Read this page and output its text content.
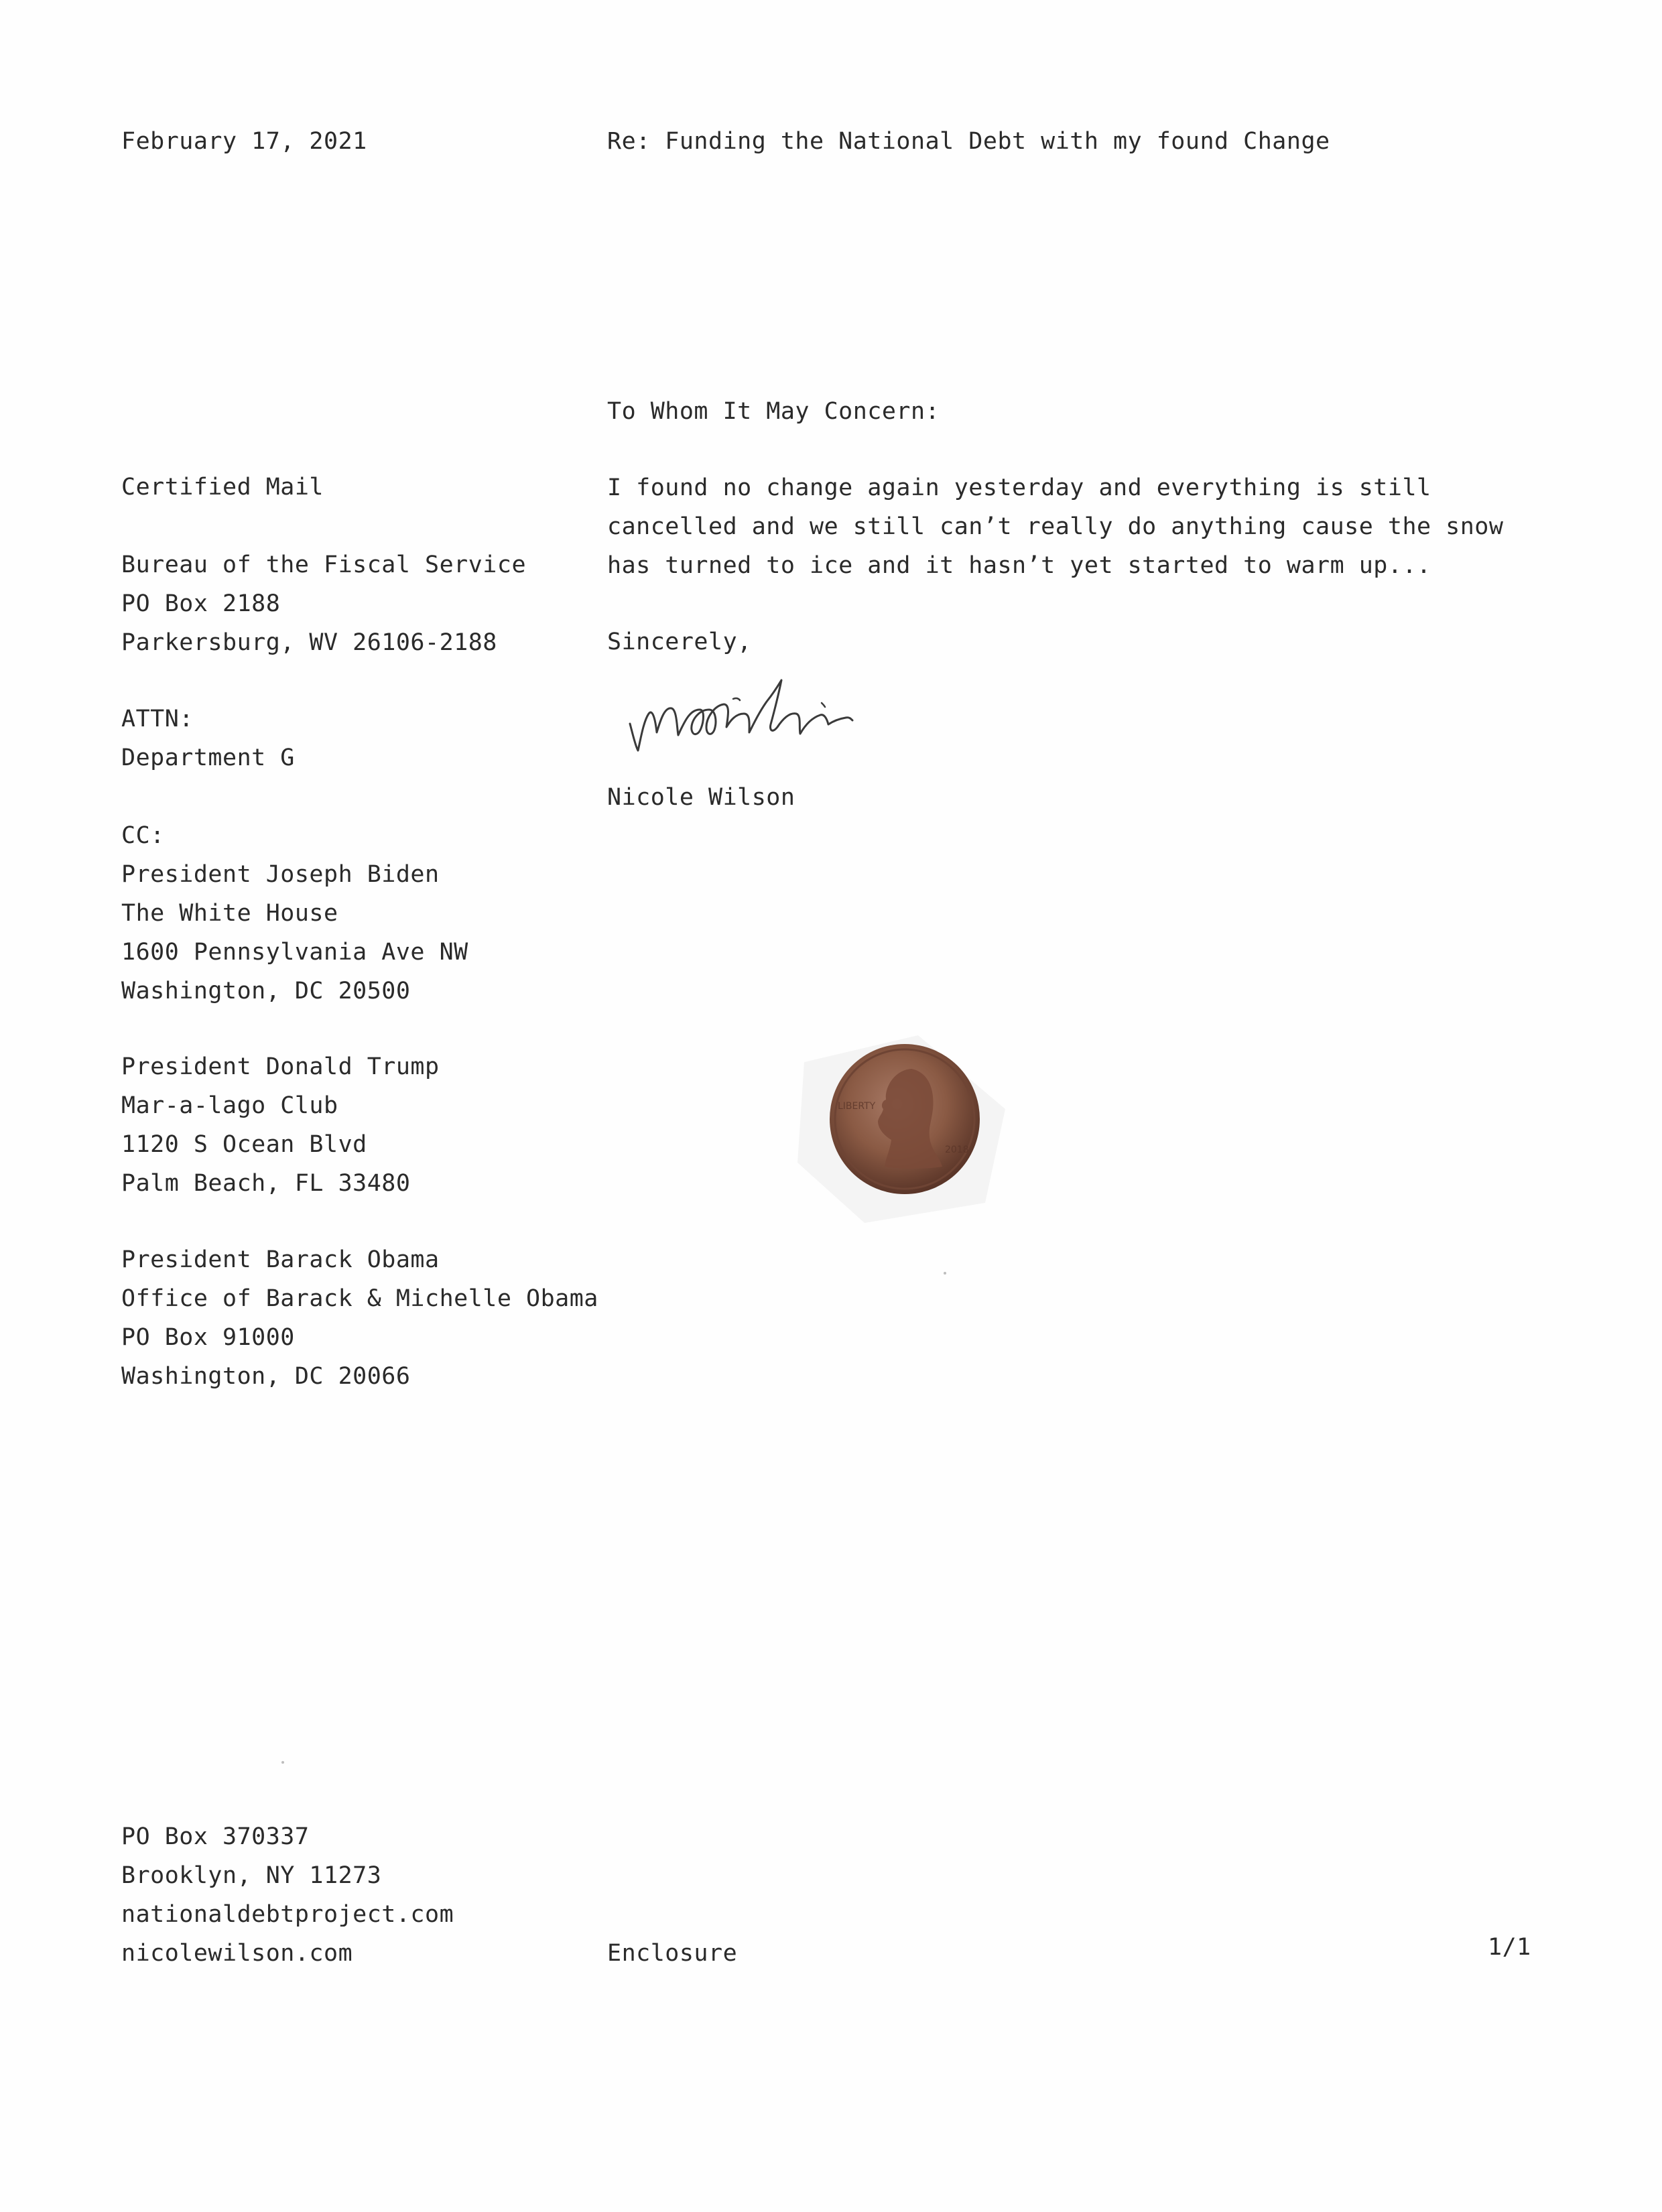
February 17, 2021	Re: Funding the National Debt with my found Change
To Whom It May Concern:
Certified Mail
Bureau of the Fiscal Service
PO Box 2188
Parkersburg, WV 26106-2188
ATTN:
Department G
CC:
President Joseph Biden
The White House
1600 Pennsylvania Ave NW
Washington, DC 20500
President Donald Trump
Mar-a-lago Club
1120 S Ocean Blvd
Palm Beach, FL 33480
President Barack Obama
Office of Barack & Michelle Obama
PO Box 91000
Washington, DC 20066
I found no change again yesterday and everything is still cancelled and we still can’t really do anything cause the snow has turned to ice and it hasn’t yet started to warm up...
Sincerely,
Nicole Wilson
LIBERTY
2018
PO Box 370337
Brooklyn, NY 11273
nationaldebtproject.com
nicolewilson.com	Enclosure	1/1
